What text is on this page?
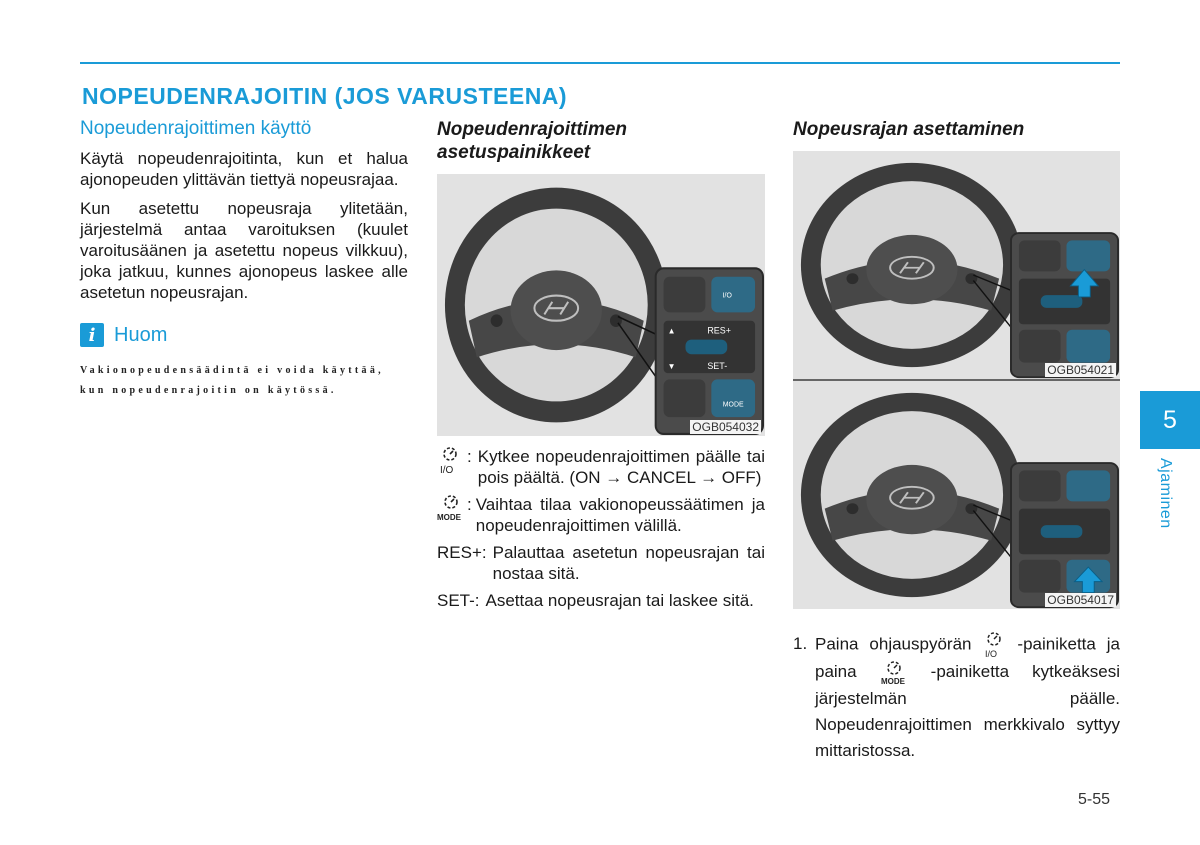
NOPEUDENRAJOITIN (JOS VARUSTEENA)
Nopeudenrajoittimen käyttö

Käytä nopeudenrajoitinta, kun et halua ajonopeuden ylittävän tiettyä nopeusrajaa.

Kun asetettu nopeusraja ylitetään, järjestelmä antaa varoituksen (kuulet varoitusäänen ja asetettu nopeus vilkkuu), joka jatkuu, kunnes ajonopeus laskee alle asetetun nopeusrajan.

i Huom
Vakionopeudensäädintä ei voida käyttää, kun nopeudenrajoitin on käytössä.
Nopeudenrajoittimen asetuspainikkeet
I/O
▲	RES+
▼	SET-
MODE
OGB054032
I/O
: Kytkee nopeudenrajoittimen päälle tai pois päältä. (ON → CANCEL → OFF)
MODE
: Vaihtaa tilaa vakionopeussäätimen ja nopeudenrajoittimen välillä.
RES+: Palauttaa asetetun nopeusrajan tai nostaa sitä.
SET-: Asettaa nopeusrajan tai laskee sitä.
Nopeusrajan asettaminen
OGB054021
OGB054017
1. Paina ohjauspyörän
I/O
-painiketta ja paina
MODE
-painiketta kytkeäksesi järjestelmän päälle. Nopeudenrajoittimen merkkivalo syttyy mittaristossa.
5
Ajaminen
5-55
